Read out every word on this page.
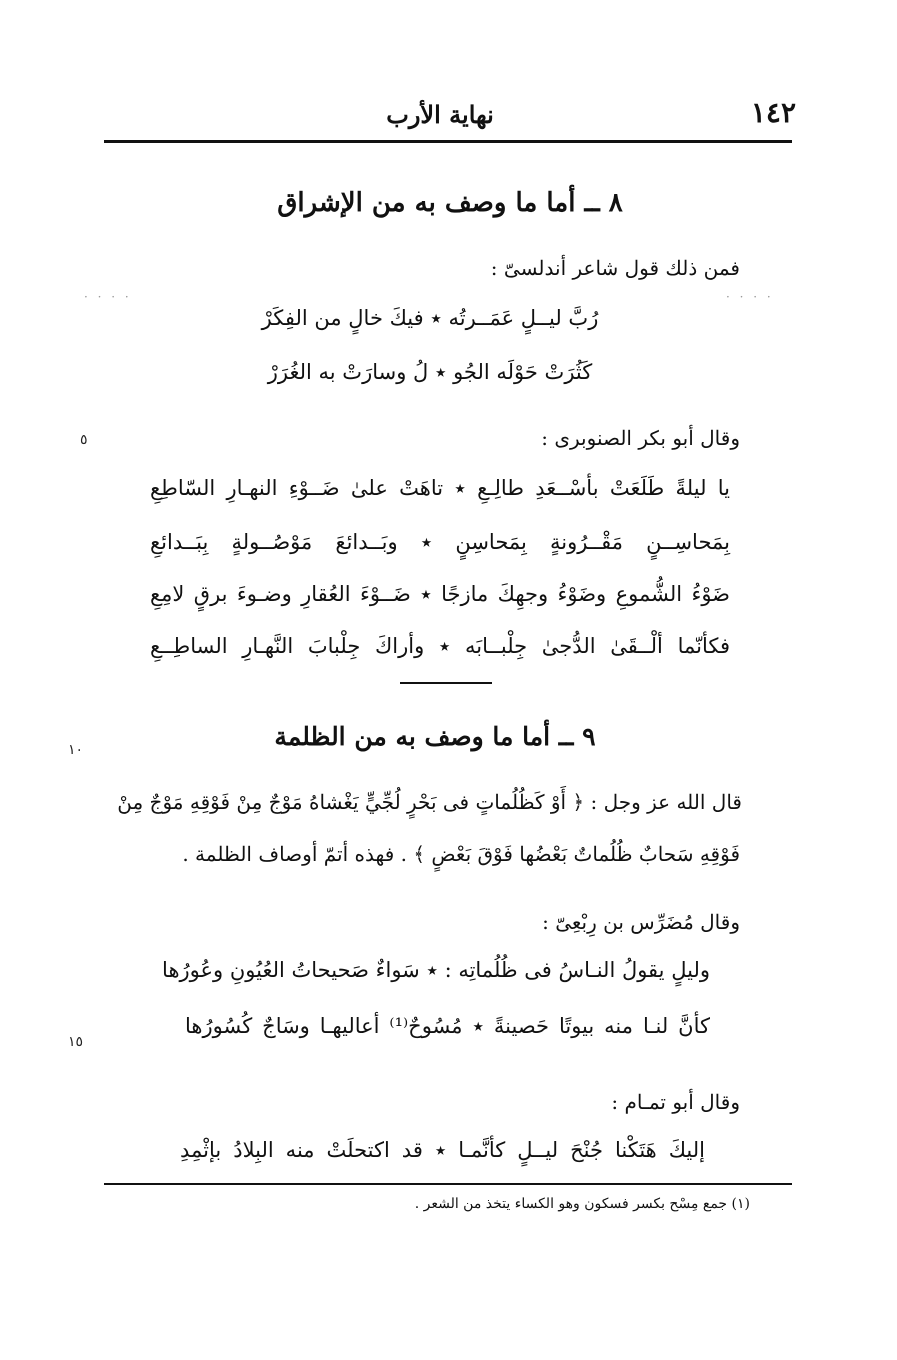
١٤٢
نهاية الأرب
· · · ·	· · · ·
٨ ــ أما ما وصف به من الإشراق
فمن ذلك قول شاعر أندلسىّ :
رُبَّ ليــلٍ عَمَــرتُه ٭ فيكَ خالٍ من الفِكَرْ
كَثُرَتْ حَوْلَه الجُو ٭ لُ وسارَتْ به الغُرَرْ
وقال أبو بكر الصنوبرى :
٥
يا ليلةً طَلَعَتْ بأسْــعَدِ طالِـعِ ٭ تاهَتْ علىٰ ضَــوْءِ النهـارِ السّاطِعِ
بِمَحاسِــنٍ مَقْــرُونةٍ بِمَحاسِنٍ ٭ وبَــدائعَ مَوْصُــولةٍ بِبَــدائعِ
ضَوْءُ الشُّموعِ وضَوْءُ وجهِكَ مازجًا ٭ ضَــوْءَ العُقارِ وضـوءَ برقٍ لامِعِ
فكأنّما ألْــقَىٰ الدُّجىٰ جِلْبــابَه ٭ وأراكَ جِلْبابَ النَّهـارِ الساطِــعِ
٩ ــ أما ما وصف به من الظلمة
١٠
قال الله عز وجل : ﴿ أَوْ كَظُلُماتٍ فى بَحْرٍ لُجِّيٍّ يَغْشاهُ مَوْجٌ مِنْ فَوْقِهِ مَوْجٌ مِنْ
فَوْقِهِ سَحابٌ ظُلُماتٌ بَعْضُها فَوْقَ بَعْضٍ ﴾ . فهذه أتمّ أوصاف الظلمة .
وقال مُضَرِّس بن رِبْعِىّ :
وليلٍ يقولُ النـاسُ فى ظُلُماتِه : ٭ سَواءٌ صَحيحاتُ العُيُونِ وعُورُها
كأنَّ لنـا منه بيوتًا حَصينةً ٭ مُسُوحٌ⁽¹⁾ أعاليهـا وسَاجٌ كُسُورُها
١٥
وقال أبو تمـام :
إليكَ هَتَكْنا جُنْحَ ليــلٍ كأنَّمـا ٭ قد اكتحلَتْ منه البِلادُ بإثْمِدِ
(١) جمع مِسْح بكسر فسكون وهو الكساء يتخذ من الشعر .
